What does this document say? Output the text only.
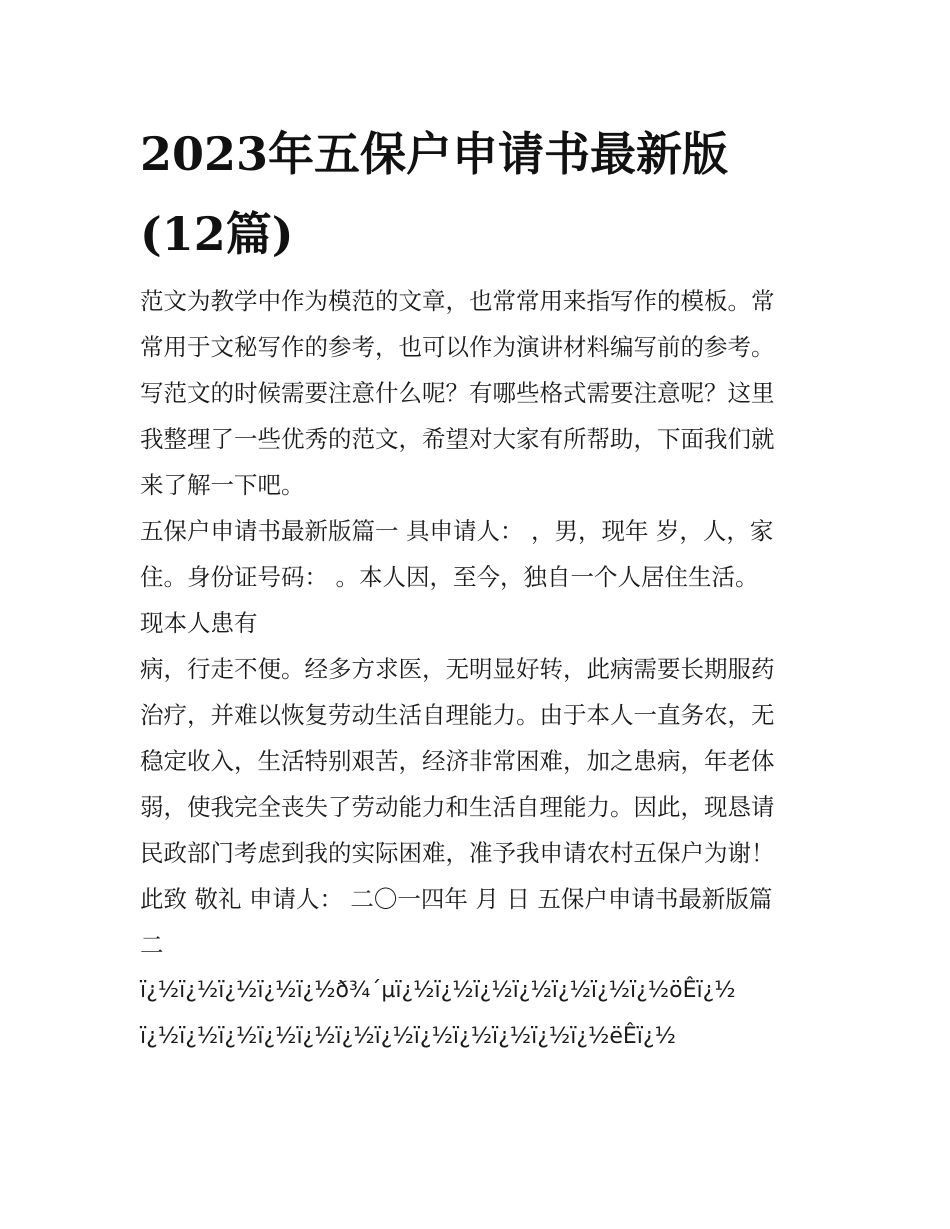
2023年五保户申请书最新版
(12篇)
范文为教学中作为模范的文章，也常常用来指写作的模板。常
常用于文秘写作的参考，也可以作为演讲材料编写前的参考。
写范文的时候需要注意什么呢？有哪些格式需要注意呢？这里
我整理了一些优秀的范文，希望对大家有所帮助，下面我们就
来了解一下吧。
五保户申请书最新版篇一 具申请人： ，男，现年 岁，人，家
住。身份证号码： 。本人因，至今，独自一个人居住生活。
现本人患有
病，行走不便。经多方求医，无明显好转，此病需要长期服药
治疗，并难以恢复劳动生活自理能力。由于本人一直务农，无
稳定收入，生活特别艰苦，经济非常困难，加之患病，年老体
弱，使我完全丧失了劳动能力和生活自理能力。因此，现恳请
民政部门考虑到我的实际困难，准予我申请农村五保户为谢！
此致 敬礼 申请人： 二〇一四年 月 日 五保户申请书最新版篇
二
ï¿½ï¿½ï¿½ï¿½ï¿½ð¾´µï¿½ï¿½ï¿½ï¿½ï¿½ï¿½ï¿½öÊï¿½
ï¿½ï¿½ï¿½ï¿½ï¿½ï¿½ï¿½ï¿½ï¿½ï¿½ï¿½ï¿½ëÊï¿½
